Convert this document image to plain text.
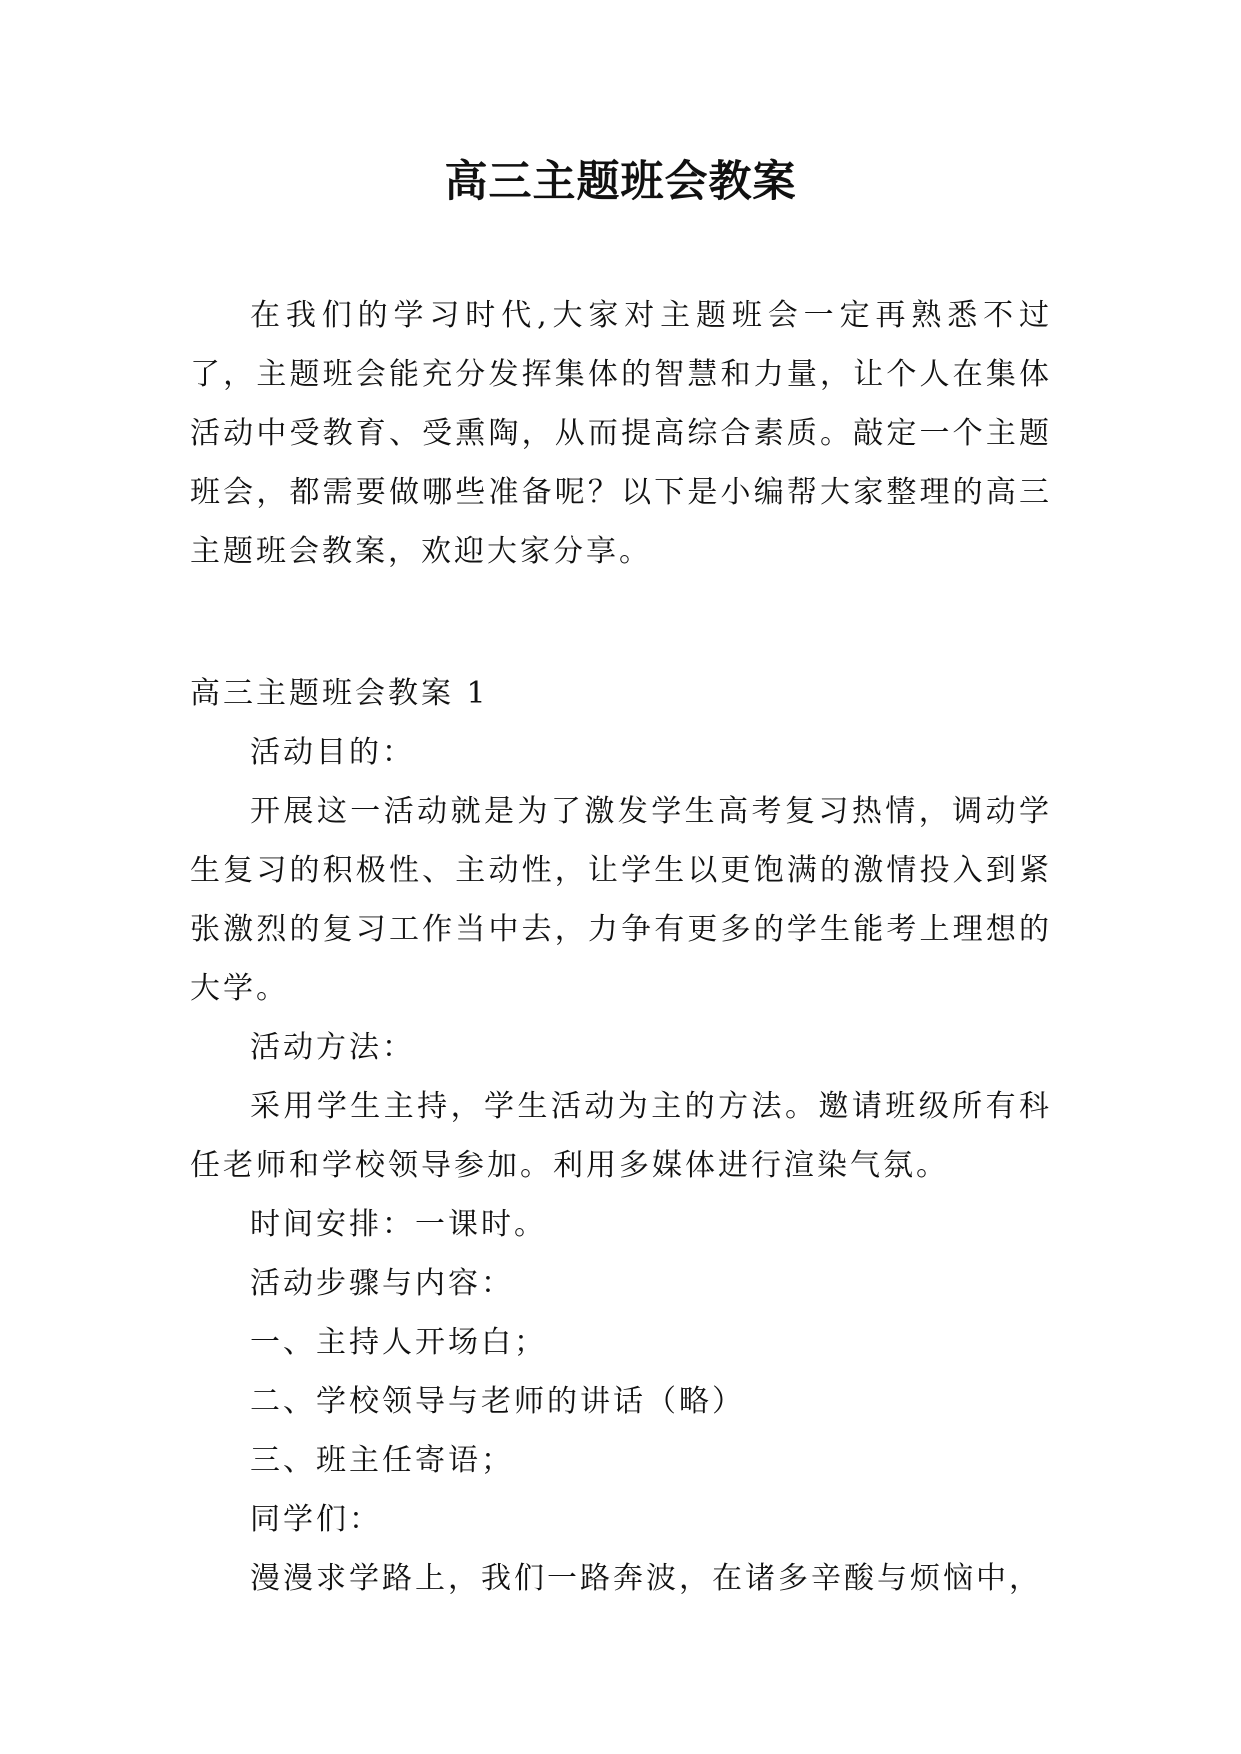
高三主题班会教案

在我们的学习时代,大家对主题班会一定再熟悉不过了，主题班会能充分发挥集体的智慧和力量，让个人在集体活动中受教育、受熏陶，从而提高综合素质。敲定一个主题班会，都需要做哪些准备呢？以下是小编帮大家整理的高三主题班会教案，欢迎大家分享。

高三主题班会教案 1

活动目的：

开展这一活动就是为了激发学生高考复习热情，调动学生复习的积极性、主动性，让学生以更饱满的激情投入到紧张激烈的复习工作当中去，力争有更多的学生能考上理想的大学。

活动方法：

采用学生主持，学生活动为主的方法。邀请班级所有科任老师和学校领导参加。利用多媒体进行渲染气氛。

时间安排：一课时。

活动步骤与内容：

一、主持人开场白；

二、学校领导与老师的讲话（略）

三、班主任寄语；

同学们：

漫漫求学路上，我们一路奔波，在诸多辛酸与烦恼中，
